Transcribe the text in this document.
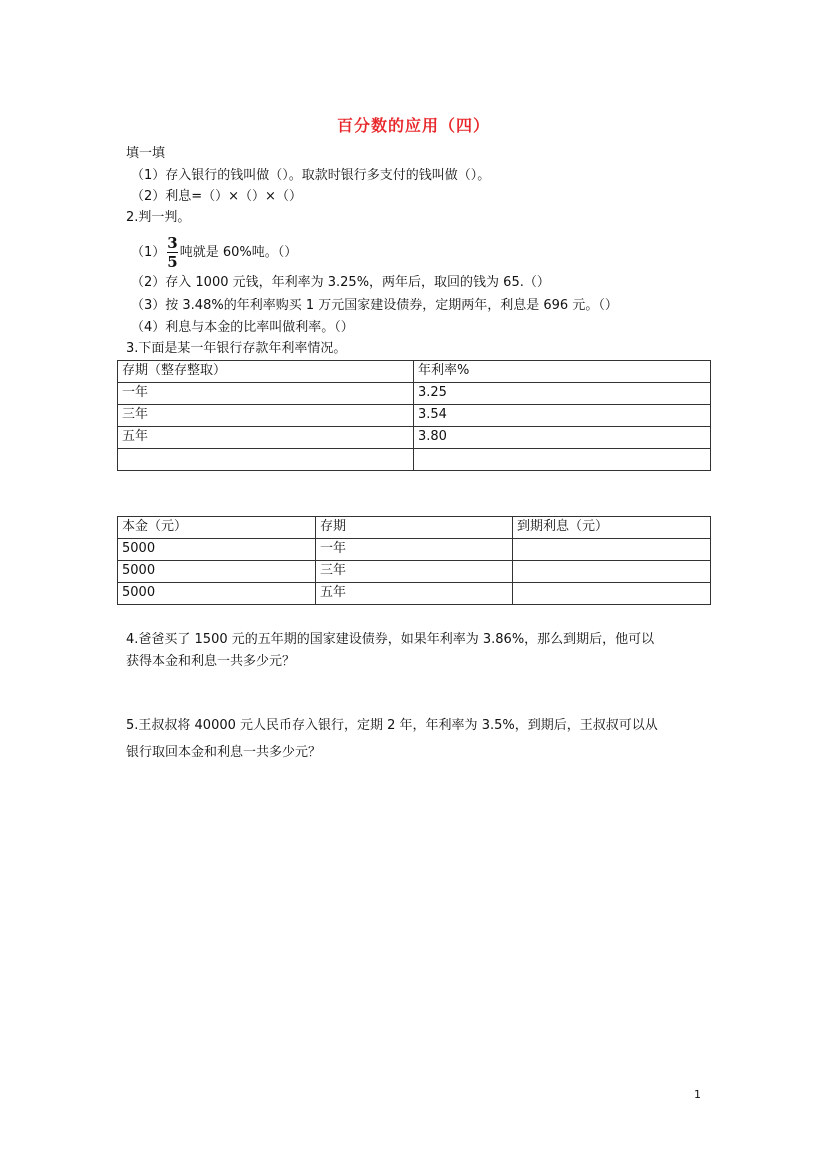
百分数的应用（四）
填一填
（1）存入银行的钱叫做（）。取款时银行多支付的钱叫做（）。
（2）利息=（）×（）×（）
2.判一判。
$(1) \frac{3}{5}$ 吨就是 60%吨。（）
（2）存入 1000 元钱，年利率为 3.25%，两年后，取回的钱为 65.（）
（3）按 3.48%的年利率购买 1 万元国家建设债券，定期两年，利息是 696 元。（）
（4）利息与本金的比率叫做利率。（）
3.下面是某一年银行存款年利率情况。
存期（整存整取）	年利率%
一年	3.25
三年	3.54
五年	3.80

本金（元）	存期	到期利息（元）
5000	一年	
5000	三年	
5000	五年	
4.爸爸买了 1500 元的五年期的国家建设债券，如果年利率为 3.86%，那么到期后，他可以
获得本金和利息一共多少元？
5.王叔叔将 40000 元人民币存入银行，定期 2 年，年利率为 3.5%，到期后，王叔叔可以从
银行取回本金和利息一共多少元？
1
